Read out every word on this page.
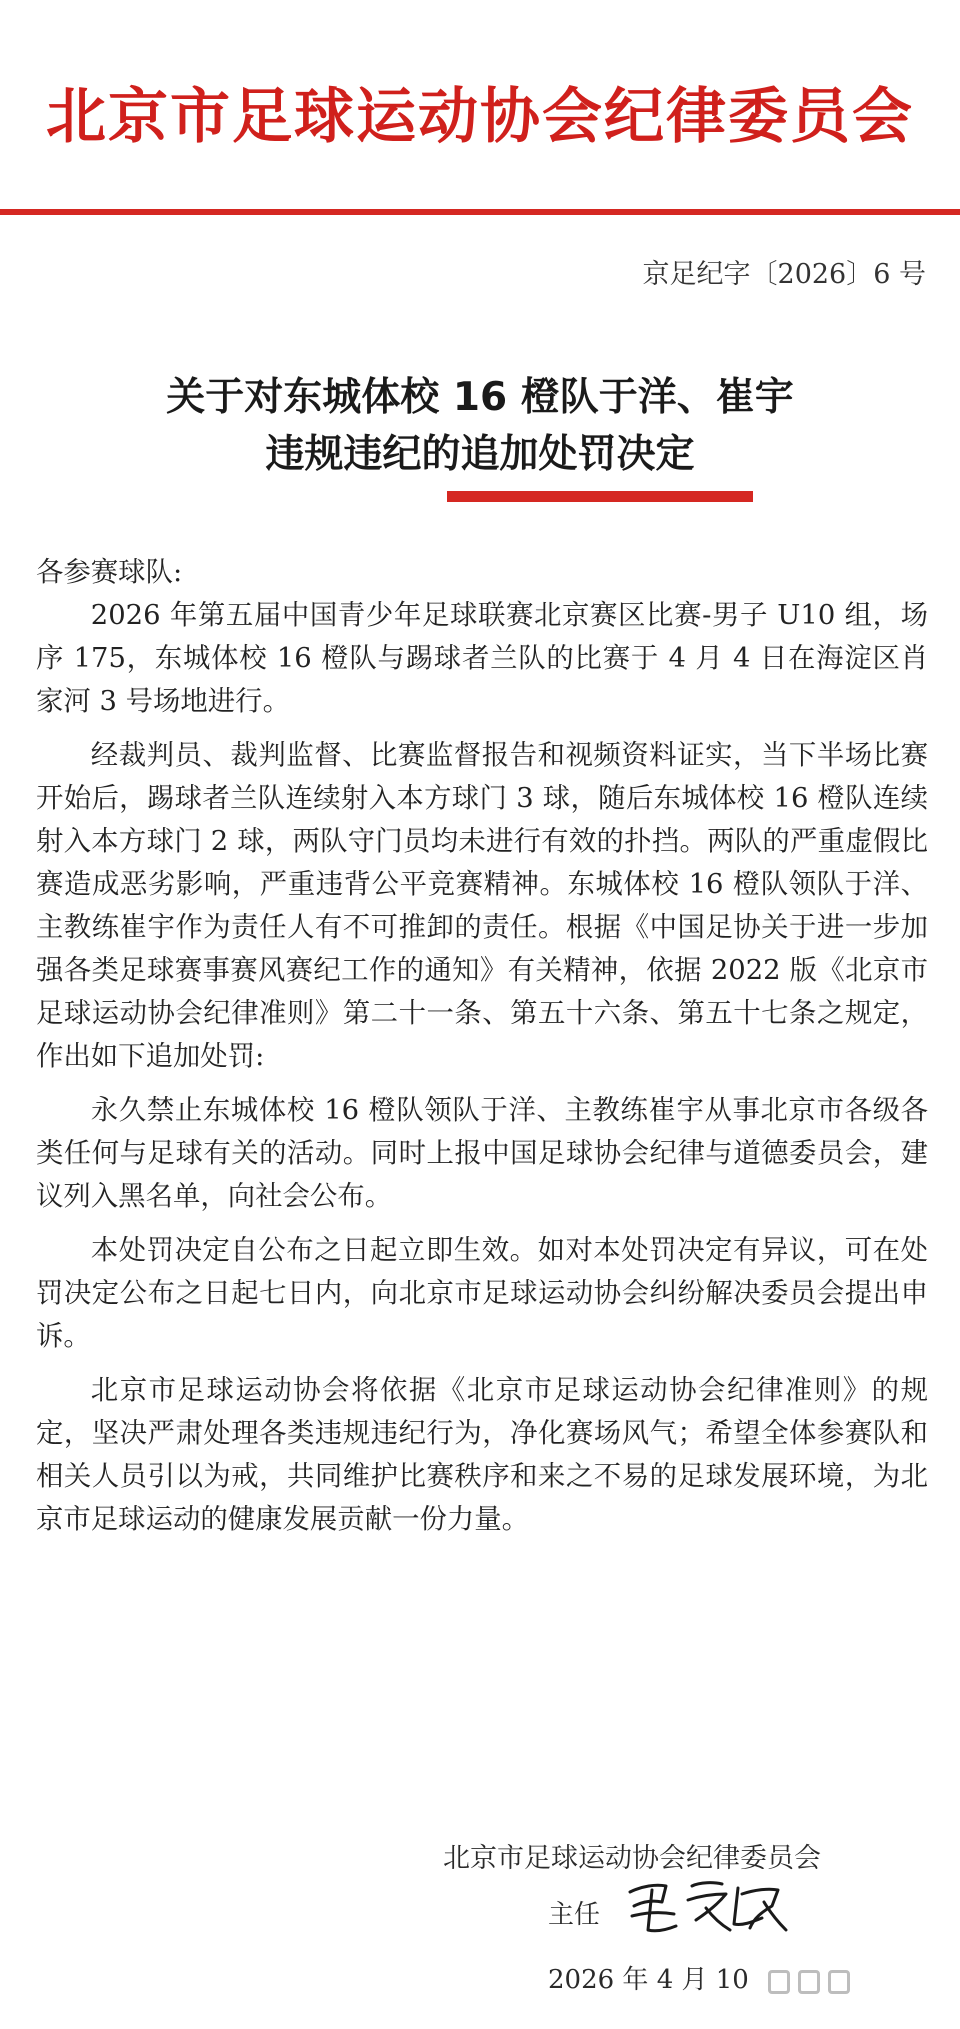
北京市足球运动协会纪律委员会
京足纪字〔2026〕6 号
关于对东城体校 16 橙队于洋、崔宇
违规违纪的追加处罚决定
各参赛球队:

2026 年第五届中国青少年足球联赛北京赛区比赛-男子 U10 组，场序 175，东城体校 16 橙队与踢球者兰队的比赛于 4 月 4 日在海淀区肖家河 3 号场地进行。

经裁判员、裁判监督、比赛监督报告和视频资料证实，当下半场比赛开始后，踢球者兰队连续射入本方球门 3 球，随后东城体校 16 橙队连续射入本方球门 2 球，两队守门员均未进行有效的扑挡。两队的严重虚假比赛造成恶劣影响，严重违背公平竞赛精神。东城体校 16 橙队领队于洋、主教练崔宇作为责任人有不可推卸的责任。根据《中国足协关于进一步加强各类足球赛事赛风赛纪工作的通知》有关精神，依据 2022 版《北京市足球运动协会纪律准则》第二十一条、第五十六条、第五十七条之规定，作出如下追加处罚:

永久禁止东城体校 16 橙队领队于洋、主教练崔宇从事北京市各级各类任何与足球有关的活动。同时上报中国足球协会纪律与道德委员会，建议列入黑名单，向社会公布。

本处罚决定自公布之日起立即生效。如对本处罚决定有异议，可在处罚决定公布之日起七日内，向北京市足球运动协会纠纷解决委员会提出申诉。

北京市足球运动协会将依据《北京市足球运动协会纪律准则》的规定，坚决严肃处理各类违规违纪行为，净化赛场风气；希望全体参赛队和相关人员引以为戒，共同维护比赛秩序和来之不易的足球发展环境，为北京市足球运动的健康发展贡献一份力量。

北京市足球运动协会纪律委员会
主任
2026 年 4 月 10
